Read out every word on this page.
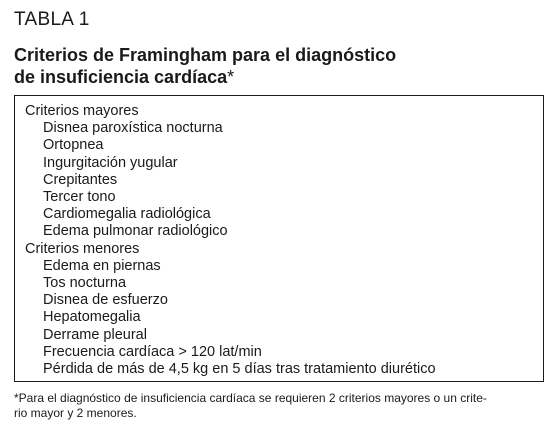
TABLA 1
Criterios de Framingham para el diagnóstico
de insuficiencia cardíaca*
Criterios mayores
Disnea paroxística nocturna
Ortopnea
Ingurgitación yugular
Crepitantes
Tercer tono
Cardiomegalia radiológica
Edema pulmonar radiológico
Criterios menores
Edema en piernas
Tos nocturna
Disnea de esfuerzo
Hepatomegalia
Derrame pleural
Frecuencia cardíaca > 120 lat/min
Pérdida de más de 4,5 kg en 5 días tras tratamiento diurético

*Para el diagnóstico de insuficiencia cardíaca se requieren 2 criterios mayores o un crite-
rio mayor y 2 menores.
